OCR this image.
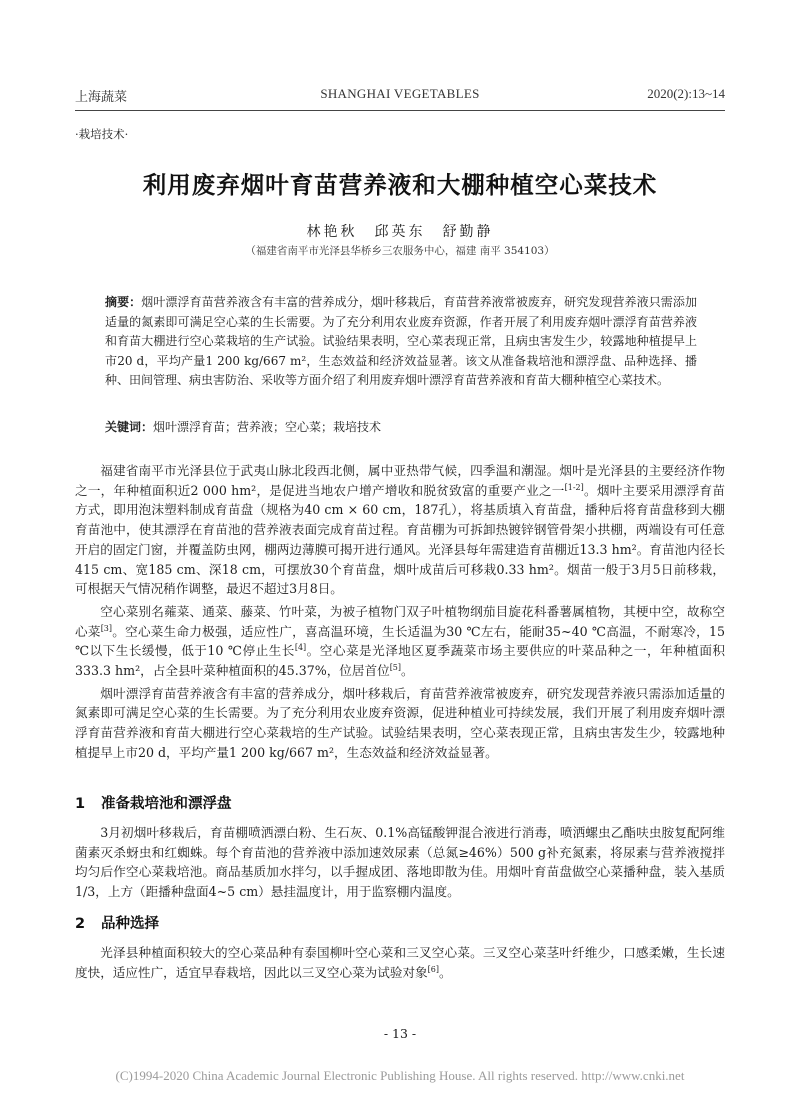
上海蔬菜	SHANGHAI VEGETABLES	2020(2):13~14
·栽培技术·
利用废弃烟叶育苗营养液和大棚种植空心菜技术
林艳秋　邱英东　舒勤静
（福建省南平市光泽县华桥乡三农服务中心，福建 南平 354103）
摘要：烟叶漂浮育苗营养液含有丰富的营养成分，烟叶移栽后，育苗营养液常被废弃，研究发现营养液只需添加适量的氮素即可满足空心菜的生长需要。为了充分利用农业废弃资源，作者开展了利用废弃烟叶漂浮育苗营养液和育苗大棚进行空心菜栽培的生产试验。试验结果表明，空心菜表现正常，且病虫害发生少，较露地种植提早上市20 d，平均产量1 200 kg/667 m²，生态效益和经济效益显著。该文从准备栽培池和漂浮盘、品种选择、播种、田间管理、病虫害防治、采收等方面介绍了利用废弃烟叶漂浮育苗营养液和育苗大棚种植空心菜技术。
关键词：烟叶漂浮育苗；营养液；空心菜；栽培技术

福建省南平市光泽县位于武夷山脉北段西北侧，属中亚热带气候，四季温和潮湿。烟叶是光泽县的主要经济作物之一，年种植面积近2 000 hm²，是促进当地农户增产增收和脱贫致富的重要产业之一[1-2]。烟叶主要采用漂浮育苗方式，即用泡沫塑料制成育苗盘（规格为40 cm × 60 cm，187孔），将基质填入育苗盘，播种后将育苗盘移到大棚育苗池中，使其漂浮在育苗池的营养液表面完成育苗过程。育苗棚为可拆卸热镀锌钢管骨架小拱棚，两端设有可任意开启的固定门窗，并覆盖防虫网，棚两边薄膜可揭开进行通风。光泽县每年需建造育苗棚近13.3 hm²。育苗池内径长415 cm、宽185 cm、深18 cm，可摆放30个育苗盘，烟叶成苗后可移栽0.33 hm²。烟苗一般于3月5日前移栽，可根据天气情况稍作调整，最迟不超过3月8日。

空心菜别名蕹菜、通菜、藤菜、竹叶菜，为被子植物门双子叶植物纲茄目旋花科番薯属植物，其梗中空，故称空心菜[3]。空心菜生命力极强，适应性广，喜高温环境，生长适温为30 ℃左右，能耐35~40 ℃高温，不耐寒冷，15 ℃以下生长缓慢，低于10 ℃停止生长[4]。空心菜是光泽地区夏季蔬菜市场主要供应的叶菜品种之一，年种植面积333.3 hm²，占全县叶菜种植面积的45.37%，位居首位[5]。

烟叶漂浮育苗营养液含有丰富的营养成分，烟叶移栽后，育苗营养液常被废弃，研究发现营养液只需添加适量的氮素即可满足空心菜的生长需要。为了充分利用农业废弃资源，促进种植业可持续发展，我们开展了利用废弃烟叶漂浮育苗营养液和育苗大棚进行空心菜栽培的生产试验。试验结果表明，空心菜表现正常，且病虫害发生少，较露地种植提早上市20 d，平均产量1 200 kg/667 m²，生态效益和经济效益显著。

1 准备栽培池和漂浮盘

3月初烟叶移栽后，育苗棚喷洒漂白粉、生石灰、0.1%高锰酸钾混合液进行消毒，喷洒螺虫乙酯呋虫胺复配阿维菌素灭杀蚜虫和红蜘蛛。每个育苗池的营养液中添加速效尿素（总氮≥46%）500 g补充氮素，将尿素与营养液搅拌均匀后作空心菜栽培池。商品基质加水拌匀，以手握成团、落地即散为佳。用烟叶育苗盘做空心菜播种盘，装入基质1/3，上方（距播种盘面4~5 cm）悬挂温度计，用于监察棚内温度。

2 品种选择

光泽县种植面积较大的空心菜品种有泰国柳叶空心菜和三叉空心菜。三叉空心菜茎叶纤维少，口感柔嫩，生长速度快，适应性广，适宜早春栽培，因此以三叉空心菜为试验对象[6]。

- 13 -
(C)1994-2020 China Academic Journal Electronic Publishing House. All rights reserved. http://www.cnki.net
